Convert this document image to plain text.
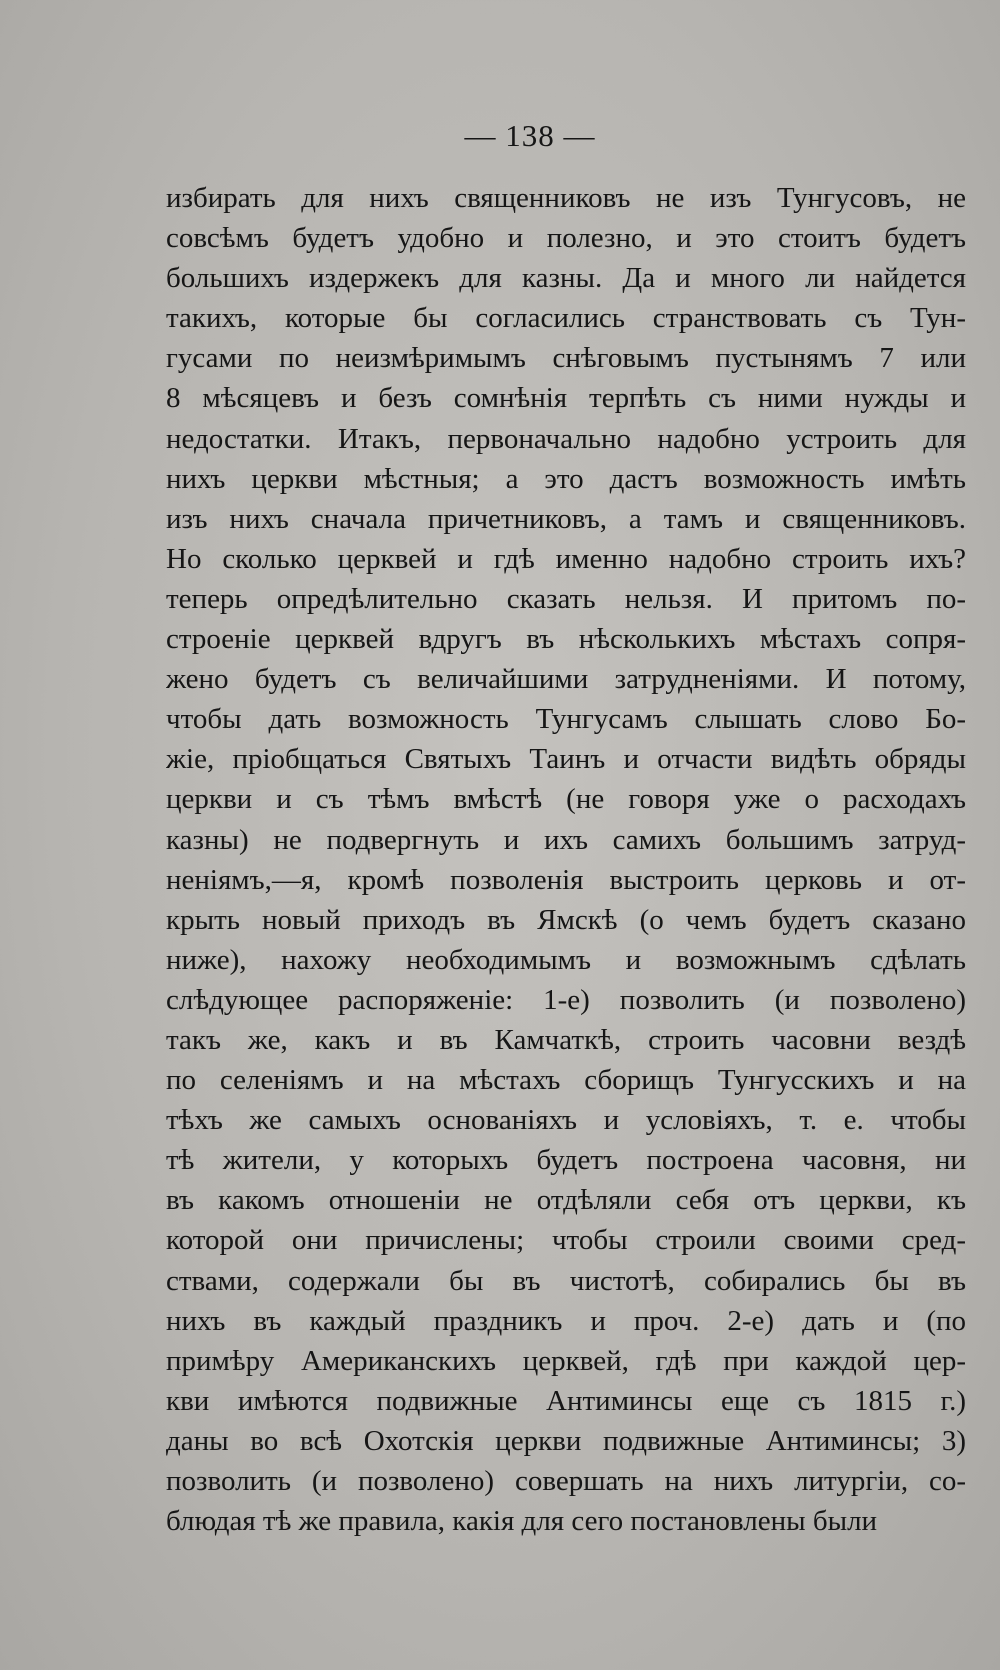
— 138 —
избирать для нихъ священниковъ не изъ Тунгусовъ, не
совсѣмъ будетъ удобно и полезно, и это стоитъ будетъ
большихъ издержекъ для казны. Да и много ли найдется
такихъ, которые бы согласились странствовать съ Тун-
гусами по неизмѣримымъ снѣговымъ пустынямъ 7 или
8 мѣсяцевъ и безъ сомнѣнія терпѣть съ ними нужды и
недостатки. Итакъ, первоначально надобно устроить для
нихъ церкви мѣстныя; а это дастъ возможность имѣть
изъ нихъ сначала причетниковъ, а тамъ и священниковъ.
Но сколько церквей и гдѣ именно надобно строить ихъ?
теперь опредѣлительно сказать нельзя. И притомъ по-
строеніе церквей вдругъ въ нѣсколькихъ мѣстахъ сопря-
жено будетъ съ величайшими затрудненіями. И потому,
чтобы дать возможность Тунгусамъ слышать слово Бо-
жіе, пріобщаться Святыхъ Таинъ и отчасти видѣть обряды
церкви и съ тѣмъ вмѣстѣ (не говоря уже о расходахъ
казны) не подвергнуть и ихъ самихъ большимъ затруд-
неніямъ,—я, кромѣ позволенія выстроить церковь и от-
крыть новый приходъ въ Ямскѣ (о чемъ будетъ сказано
ниже), нахожу необходимымъ и возможнымъ сдѣлать
слѣдующее распоряженіе: 1-е) позволить (и позволено)
такъ же, какъ и въ Камчаткѣ, строить часовни вездѣ
по селеніямъ и на мѣстахъ сборищъ Тунгусскихъ и на
тѣхъ же самыхъ основаніяхъ и условіяхъ, т. е. чтобы
тѣ жители, у которыхъ будетъ построена часовня, ни
въ какомъ отношеніи не отдѣляли себя отъ церкви, къ
которой они причислены; чтобы строили своими сред-
ствами, содержали бы въ чистотѣ, собирались бы въ
нихъ въ каждый праздникъ и проч. 2-е) дать и (по
примѣру Американскихъ церквей, гдѣ при каждой цер-
кви имѣются подвижные Антиминсы еще съ 1815 г.)
даны во всѣ Охотскія церкви подвижные Антиминсы; 3)
позволить (и позволено) совершать на нихъ литургіи, со-
блюдая тѣ же правила, какія для сего постановлены были
